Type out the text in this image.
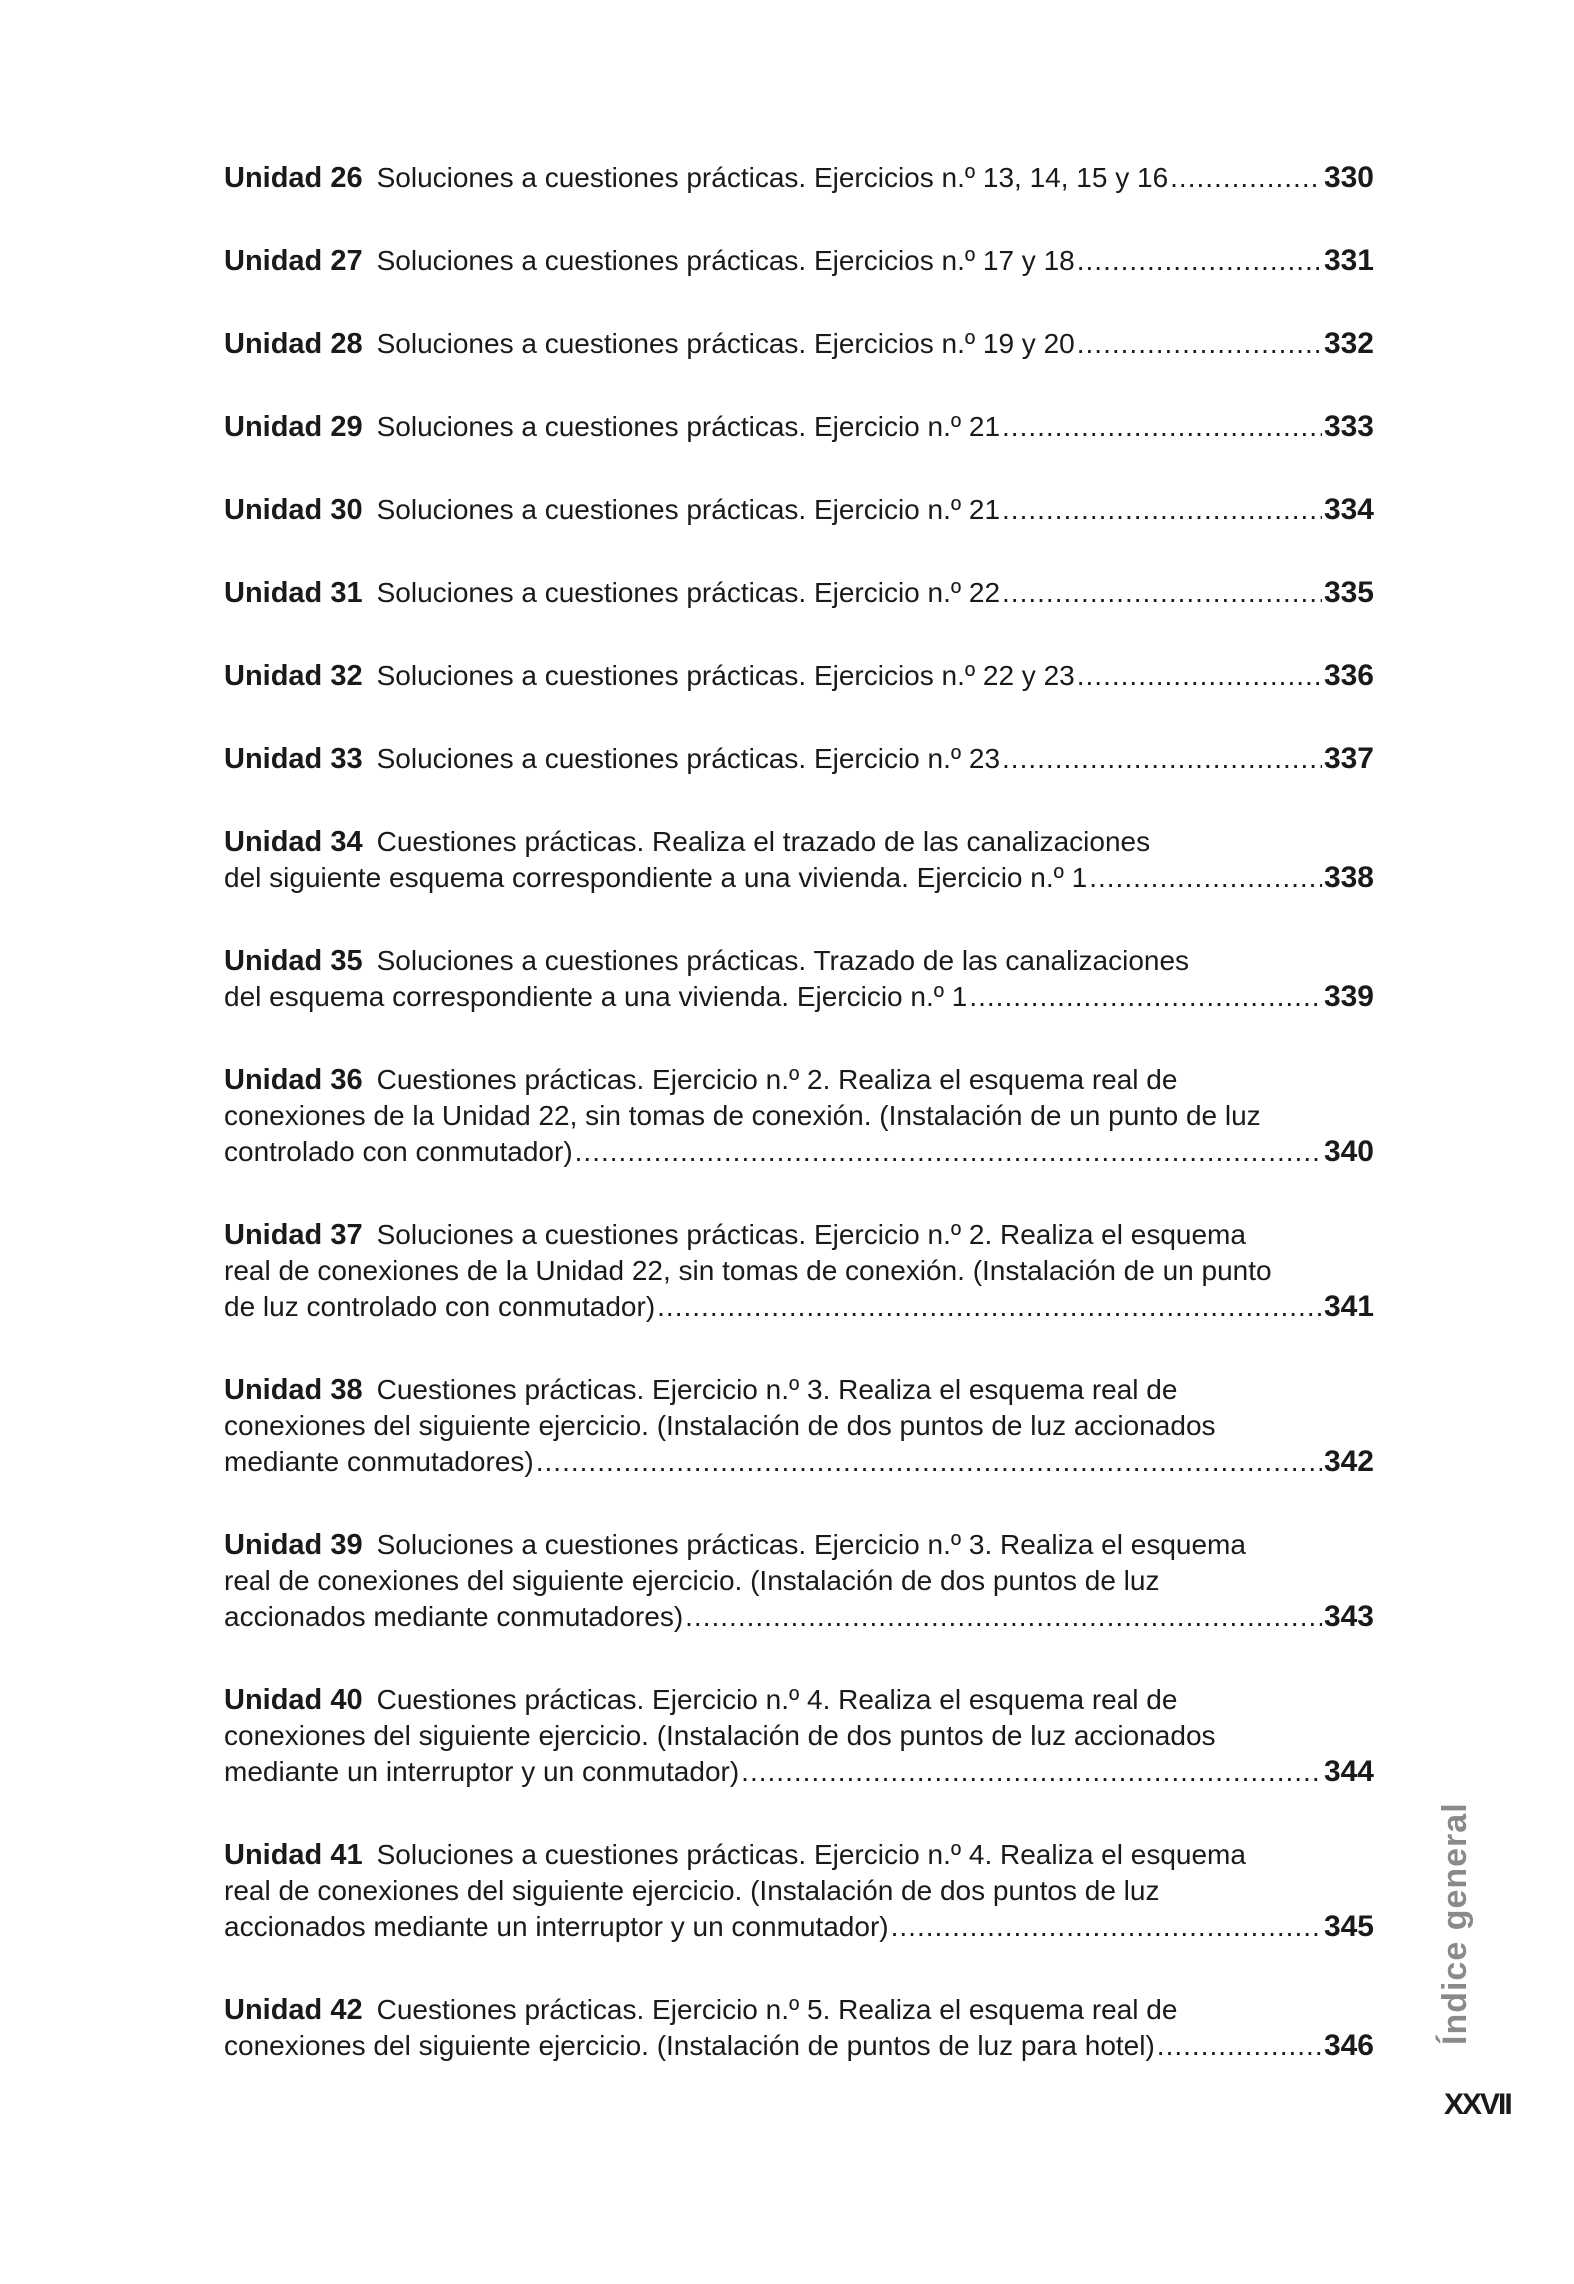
Unidad 26 Soluciones a cuestiones prácticas. Ejercicios n.º 13, 14, 15 y 16 .....	330
Unidad 27 Soluciones a cuestiones prácticas. Ejercicios n.º 17 y 18 .....	331
Unidad 28 Soluciones a cuestiones prácticas. Ejercicios n.º 19 y 20 .....	332
Unidad 29 Soluciones a cuestiones prácticas. Ejercicio n.º 21 .....	333
Unidad 30 Soluciones a cuestiones prácticas. Ejercicio n.º 21 .....	334
Unidad 31 Soluciones a cuestiones prácticas. Ejercicio n.º 22 .....	335
Unidad 32 Soluciones a cuestiones prácticas. Ejercicios n.º 22 y 23 .....	336
Unidad 33 Soluciones a cuestiones prácticas. Ejercicio n.º 23 .....	337
Unidad 34 Cuestiones prácticas. Realiza el trazado de las canalizaciones
del siguiente esquema correspondiente a una vivienda. Ejercicio n.º 1 .....	338
Unidad 35 Soluciones a cuestiones prácticas. Trazado de las canalizaciones
del esquema correspondiente a una vivienda. Ejercicio n.º 1 .....	339
Unidad 36 Cuestiones prácticas. Ejercicio n.º 2. Realiza el esquema real de
conexiones de la Unidad 22, sin tomas de conexión. (Instalación de un punto de luz
controlado con conmutador) .....	340
Unidad 37 Soluciones a cuestiones prácticas. Ejercicio n.º 2. Realiza el esquema
real de conexiones de la Unidad 22, sin tomas de conexión. (Instalación de un punto
de luz controlado con conmutador) .....	341
Unidad 38 Cuestiones prácticas. Ejercicio n.º 3. Realiza el esquema real de
conexiones del siguiente ejercicio. (Instalación de dos puntos de luz accionados
mediante conmutadores) .....	342
Unidad 39 Soluciones a cuestiones prácticas. Ejercicio n.º 3. Realiza el esquema
real de conexiones del siguiente ejercicio. (Instalación de dos puntos de luz
accionados mediante conmutadores) .....	343
Unidad 40 Cuestiones prácticas. Ejercicio n.º 4. Realiza el esquema real de
conexiones del siguiente ejercicio. (Instalación de dos puntos de luz accionados
mediante un interruptor y un conmutador) .....	344
Unidad 41 Soluciones a cuestiones prácticas. Ejercicio n.º 4. Realiza el esquema
real de conexiones del siguiente ejercicio. (Instalación de dos puntos de luz
accionados mediante un interruptor y un conmutador) .....	345
Unidad 42 Cuestiones prácticas. Ejercicio n.º 5. Realiza el esquema real de
conexiones del siguiente ejercicio. (Instalación de puntos de luz para hotel) .....	346
Índice general
XXVII
